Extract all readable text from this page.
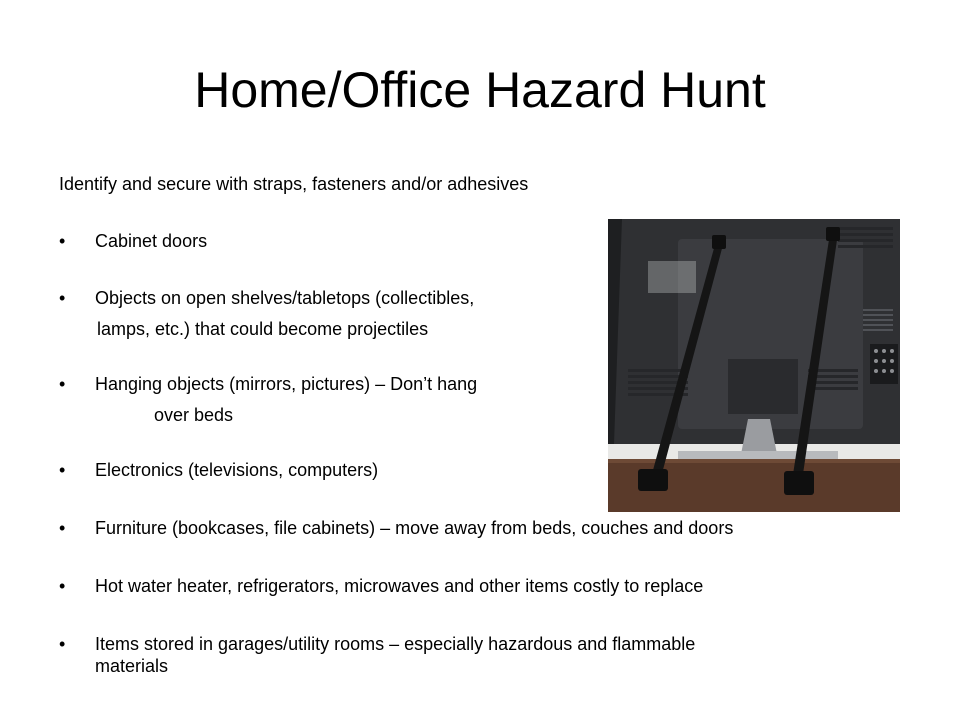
Home/Office Hazard Hunt

Identify and secure with straps, fasteners and/or adhesives

•	Cabinet doors
•	Objects on open shelves/tabletops (collectibles,
•	Hanging objects (mirrors, pictures) – Don’t hang
•	Electronics (televisions, computers)
•	Furniture (bookcases, file cabinets) – move away from beds, couches and doors
•	Hot water heater, refrigerators, microwaves and other items costly to replace
•	Items stored in garages/utility rooms – especially hazardous and flammable
lamps, etc.) that could become projectiles
over beds
materials
